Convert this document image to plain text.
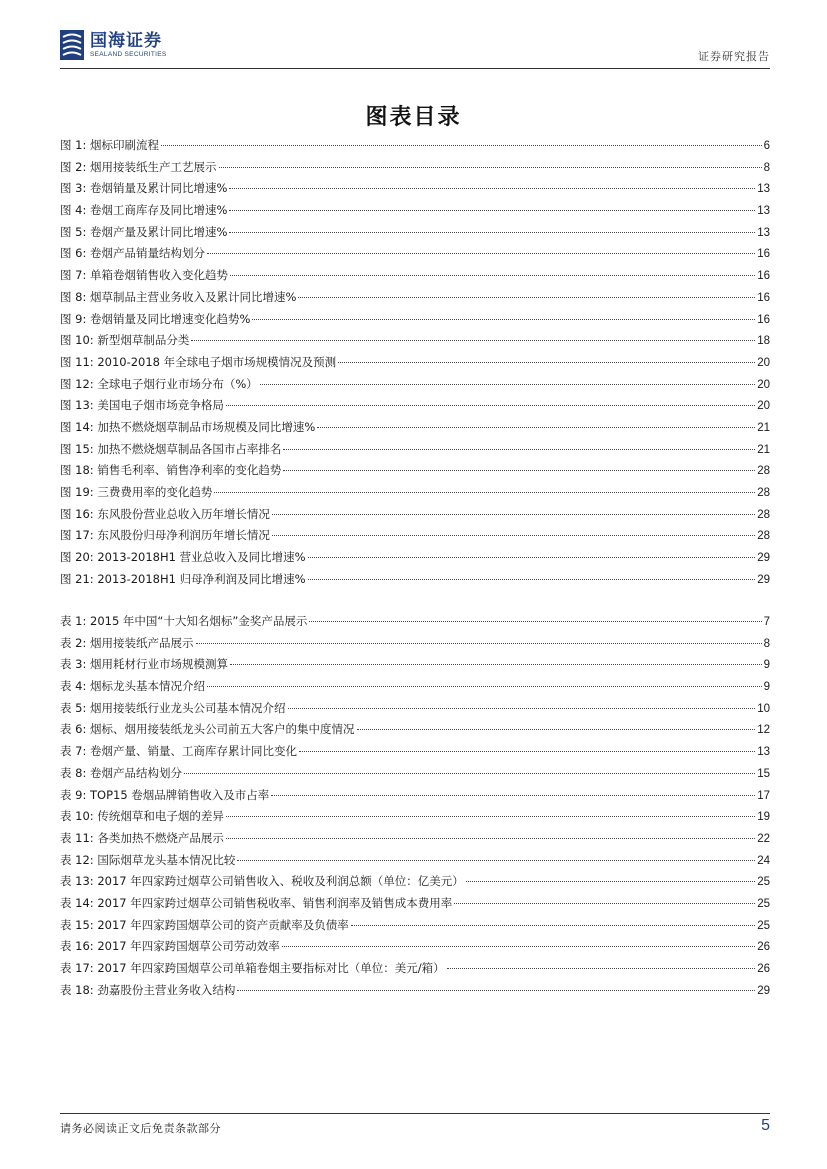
国海证券
SEALAND SECURITIES	证券研究报告
图表目录
图 1: 烟标印刷流程	6
图 2: 烟用接装纸生产工艺展示	8
图 3: 卷烟销量及累计同比增速%	13
图 4: 卷烟工商库存及同比增速%	13
图 5: 卷烟产量及累计同比增速%	13
图 6: 卷烟产品销量结构划分	16
图 7: 单箱卷烟销售收入变化趋势	16
图 8: 烟草制品主营业务收入及累计同比增速%	16
图 9: 卷烟销量及同比增速变化趋势%	16
图 10: 新型烟草制品分类	18
图 11: 2010-2018 年全球电子烟市场规模情况及预测	20
图 12: 全球电子烟行业市场分布（%）	20
图 13: 美国电子烟市场竞争格局	20
图 14: 加热不燃烧烟草制品市场规模及同比增速%	21
图 15: 加热不燃烧烟草制品各国市占率排名	21
图 18: 销售毛利率、销售净利率的变化趋势	28
图 19: 三费费用率的变化趋势	28
图 16: 东风股份营业总收入历年增长情况	28
图 17: 东风股份归母净利润历年增长情况	28
图 20: 2013-2018H1 营业总收入及同比增速%	29
图 21: 2013-2018H1 归母净利润及同比增速%	29
表 1: 2015 年中国“十大知名烟标”金奖产品展示	7
表 2: 烟用接装纸产品展示	8
表 3: 烟用耗材行业市场规模测算	9
表 4: 烟标龙头基本情况介绍	9
表 5: 烟用接装纸行业龙头公司基本情况介绍	10
表 6: 烟标、烟用接装纸龙头公司前五大客户的集中度情况	12
表 7: 卷烟产量、销量、工商库存累计同比变化	13
表 8: 卷烟产品结构划分	15
表 9: TOP15 卷烟品牌销售收入及市占率	17
表 10: 传统烟草和电子烟的差异	19
表 11: 各类加热不燃烧产品展示	22
表 12: 国际烟草龙头基本情况比较	24
表 13: 2017 年四家跨过烟草公司销售收入、税收及利润总额（单位：亿美元）	25
表 14: 2017 年四家跨过烟草公司销售税收率、销售利润率及销售成本费用率	25
表 15: 2017 年四家跨国烟草公司的资产贡献率及负债率	25
表 16: 2017 年四家跨国烟草公司劳动效率	26
表 17: 2017 年四家跨国烟草公司单箱卷烟主要指标对比（单位：美元/箱）	26
表 18: 劲嘉股份主营业务收入结构	29
请务必阅读正文后免责条款部分	5
